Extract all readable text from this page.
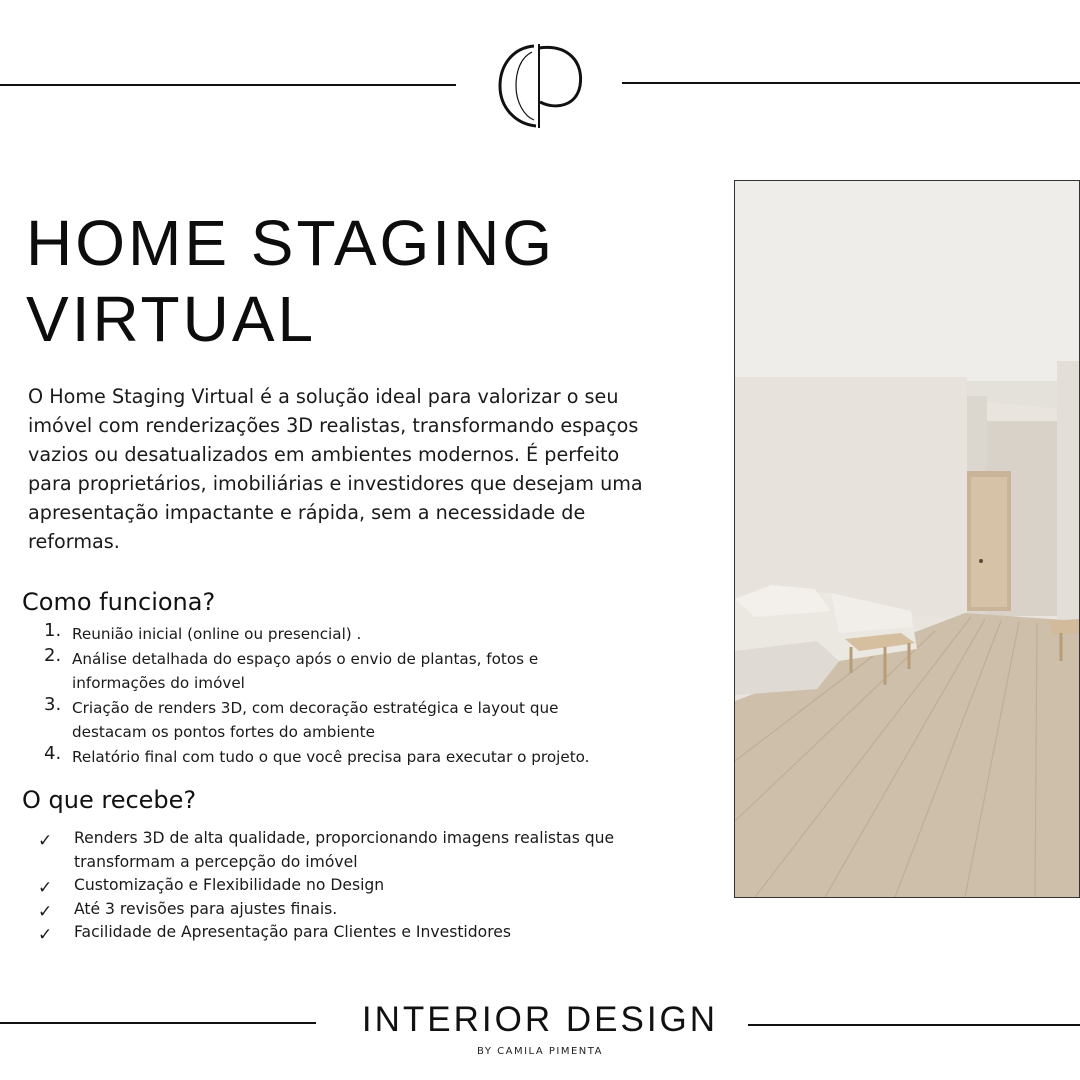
HOME STAGING
VIRTUAL

O Home Staging Virtual é a solução ideal para valorizar o seu imóvel com renderizações 3D realistas, transformando espaços vazios ou desatualizados em ambientes modernos. É perfeito para proprietários, imobiliárias e investidores que desejam uma apresentação impactante e rápida, sem a necessidade de reformas.

Como funciona?
1. Reunião inicial (online ou presencial) .
2. Análise detalhada do espaço após o envio de plantas, fotos e informações do imóvel
3. Criação de renders 3D, com decoração estratégica e layout que destacam os pontos fortes do ambiente
4. Relatório final com tudo o que você precisa para executar o projeto.
O que recebe?
✓ Renders 3D de alta qualidade, proporcionando imagens realistas que transformam a percepção do imóvel
✓ Customização e Flexibilidade no Design
✓ Até 3 revisões para ajustes finais.
✓ Facilidade de Apresentação para Clientes e Investidores
INTERIOR DESIGN

BY CAMILA PIMENTA
